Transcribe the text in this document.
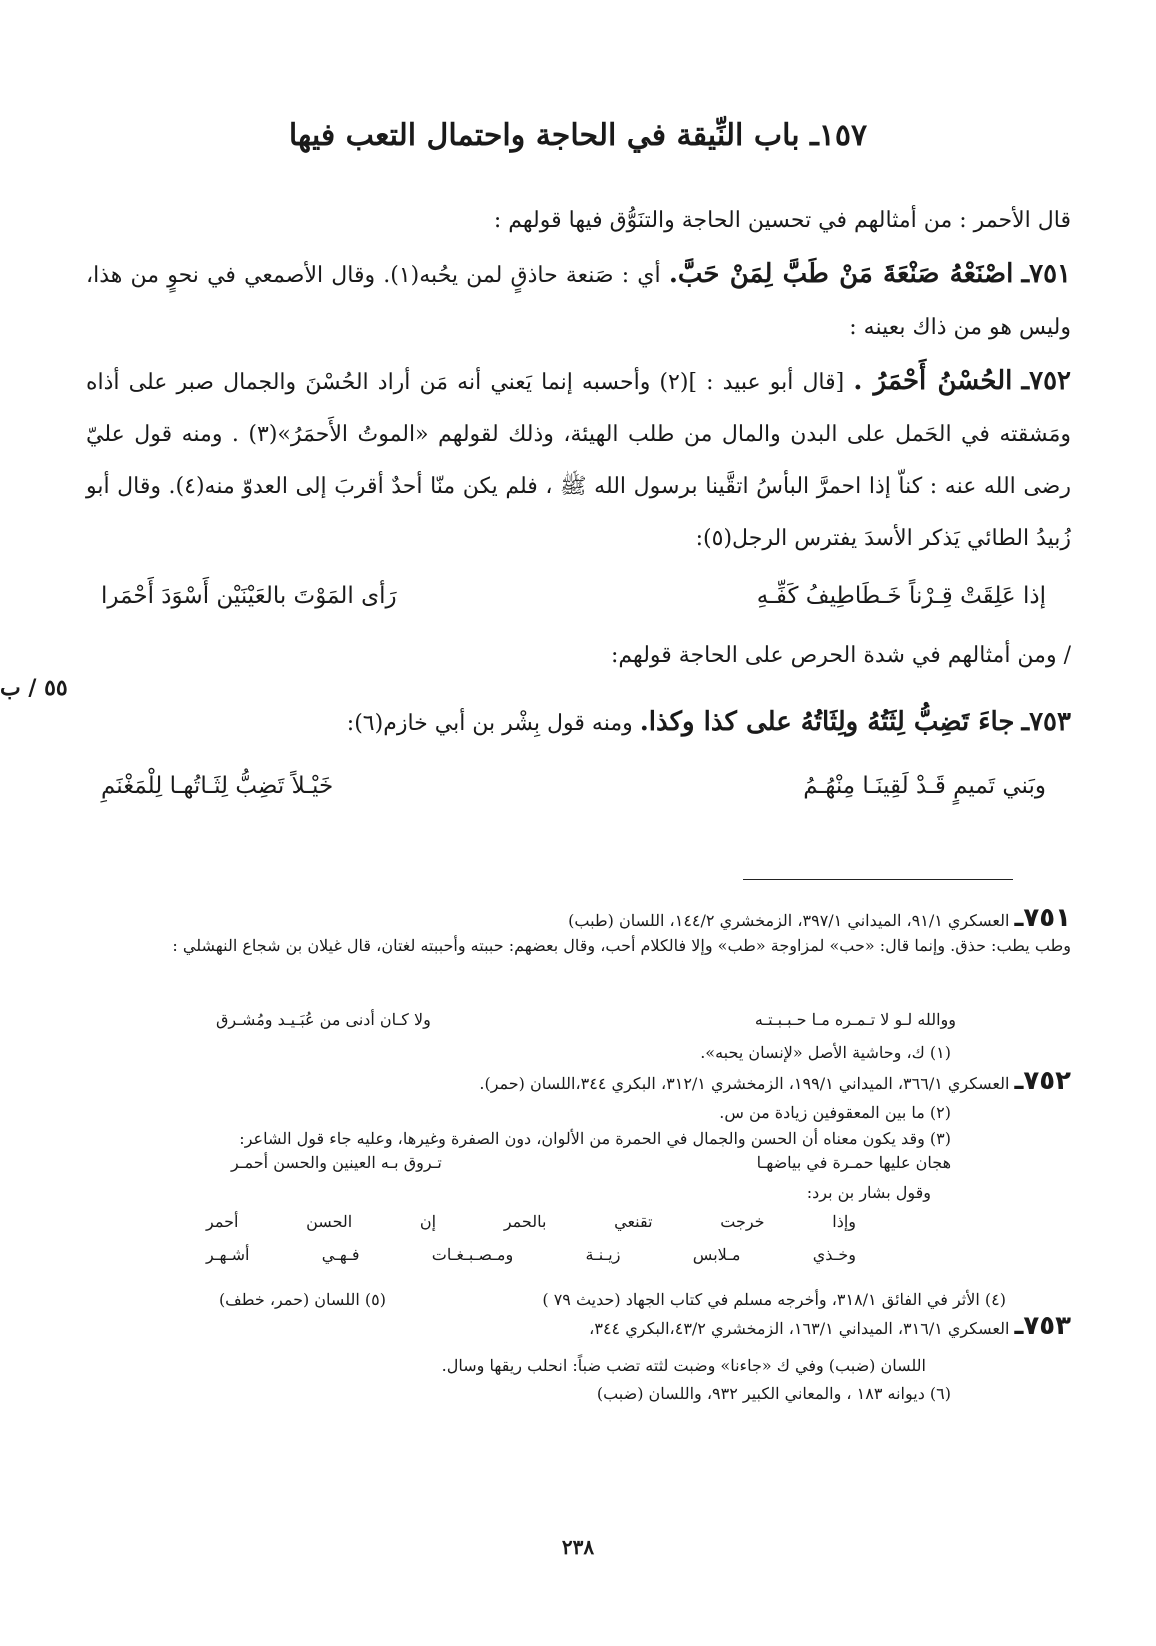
١٥٧ـ باب النِّيقة في الحاجة واحتمال التعب فيها
قال الأحمر : من أمثالهم في تحسين الحاجة والتنَوُّق فيها قولهم :
٧٥١ـ اصْنَعْهُ صَنْعَةَ مَنْ طَبَّ لِمَنْ حَبَّ. أي : صَنعة حاذقٍ لمن يحُبه(١). وقال الأصمعي في نحوٍ من هذا، وليس هو من ذاك بعينه :
٧٥٢ـ الحُسْنُ أَحْمَرُ . [قال أبو عبيد : ](٢) وأحسبه إنما يَعني أنه مَن أراد الحُسْنَ والجمال صبر على أذاه ومَشقته في الحَمل على البدن والمال من طلب الهيئة، وذلك لقولهم «الموتُ الأَحمَرُ»(٣) . ومنه قول عليّ رضى الله عنه : كناّ إذا احمرَّ البأسُ اتقَّينا برسول الله ﷺ ، فلم يكن منّا أحدٌ أقربَ إلى العدوّ منه(٤). وقال أبو زُبيدُ الطائي يَذكر الأسدَ يفترس الرجل(٥):
إذا عَلِقَتْ قِـرْناً خَـطَاطِيفُ كَفِّـهِ
رَأى المَوْتَ بالعَيْنَيْن أَسْوَدَ أَحْمَرا
٥٥ / ب
/ ومن أمثالهم في شدة الحرص على الحاجة قولهم:
٧٥٣ـ جاءَ تَضِبُّ لِثَتُهُ ولِثَاتُهُ على كذا وكذا. ومنه قول بِشْر بن أبي خازم(٦):
وبَني تَميمٍ قَـدْ لَقِينَـا مِنْهُـمُ
خَيْـلاً تَضِبُّ لِثَـاتُهـا لِلْمَغْنَمِ
٧٥١ـ العسكري ٩١/١، الميداني ٣٩٧/١، الزمخشري ١٤٤/٢، اللسان (طبب)
وطب يطب: حذق. وإنما قال: «حب» لمزاوجة «طب» وإلا فالكلام أحب، وقال بعضهم: حببته وأحببته لغتان، قال غيلان بن شجاع النهشلي :
ووالله لـو لا تـمـره مـا حـبـبـتـه
ولا كـان أدنى من عُبَـيـد ومُشـرق
(١) ك، وحاشية الأصل «لإنسان يحبه».
٧٥٢ـ العسكري ٣٦٦/١، الميداني ١٩٩/١، الزمخشري ٣١٢/١، البكري ٣٤٤،اللسان (حمر).
(٢) ما بين المعقوفين زيادة من س.
(٣) وقد يكون معناه أن الحسن والجمال في الحمرة من الألوان، دون الصفرة وغيرها، وعليه جاء قول الشاعر:
هجان عليها حمـرة في بياضهـا
تـروق بـه العينين والحسن أحمـر
وقول بشار بن برد:
وإذا
خرجت
تقنعي
بالحمر
إن
الحسن
أحمر
وخـذي
مـلابس
زيـنـة
ومـصـبـغـات
فـهـي
أشـهـر
(٤) الأثر في الفائق ٣١٨/١، وأخرجه مسلم في كتاب الجهاد (حديث ٧٩ )
(٥) اللسان (حمر، خطف)
٧٥٣ـ العسكري ٣١٦/١، الميداني ١٦٣/١، الزمخشري ٤٣/٢،البكري ٣٤٤،
اللسان (ضبب) وفي ك «جاءنا» وضبت لثته تضب ضباً: انحلب ريقها وسال.
(٦) ديوانه ١٨٣ ، والمعاني الكبير ٩٣٢، واللسان (ضبب)
٢٣٨
